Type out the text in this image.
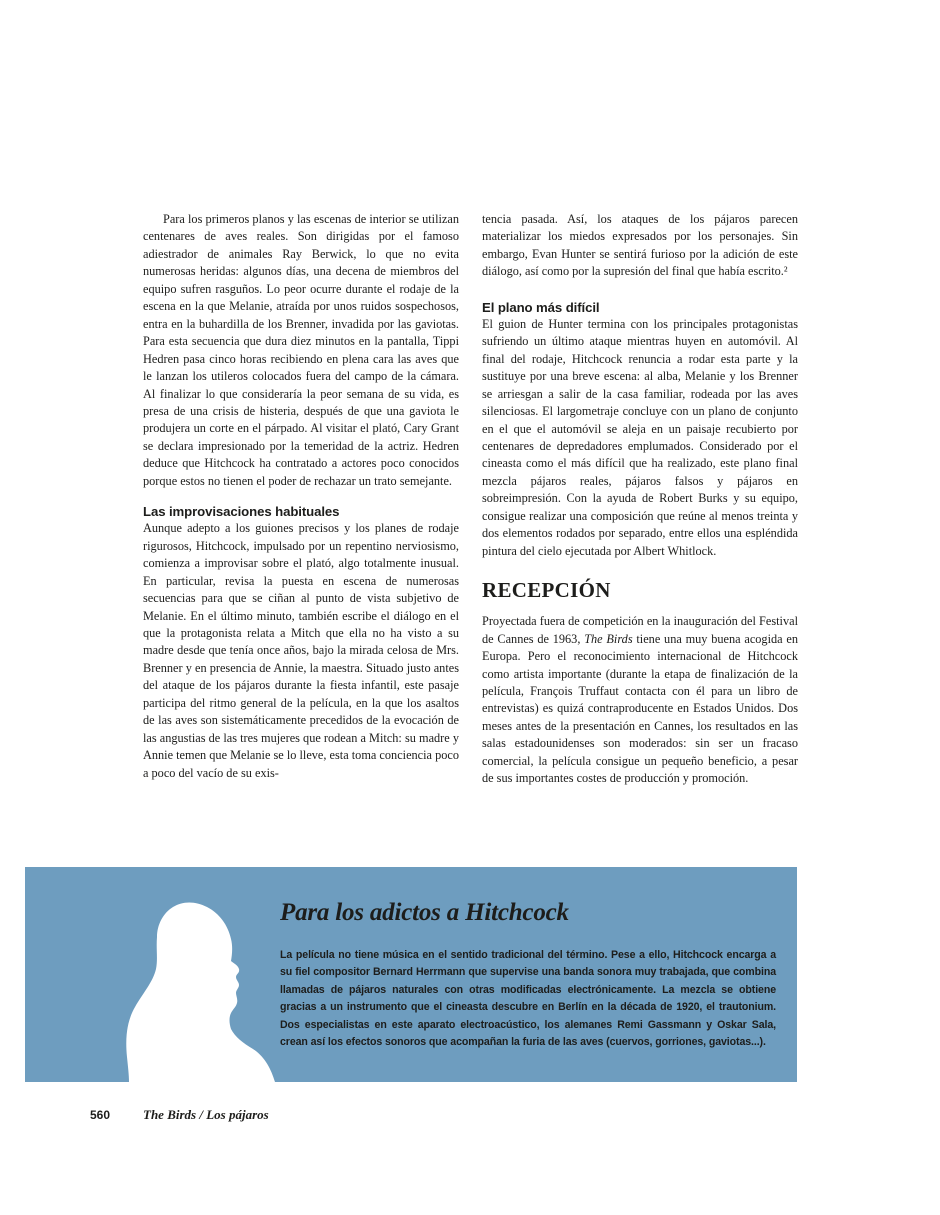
Para los primeros planos y las escenas de interior se utilizan centenares de aves reales. Son dirigidas por el famoso adiestrador de animales Ray Berwick, lo que no evita numerosas heridas: algunos días, una decena de miembros del equipo sufren rasguños. Lo peor ocurre durante el rodaje de la escena en la que Melanie, atraída por unos ruidos sospechosos, entra en la buhardilla de los Brenner, invadida por las gaviotas. Para esta secuencia que dura diez minutos en la pantalla, Tippi Hedren pasa cinco horas recibiendo en plena cara las aves que le lanzan los utileros colocados fuera del campo de la cámara. Al finalizar lo que consideraría la peor semana de su vida, es presa de una crisis de histeria, después de que una gaviota le produjera un corte en el párpado. Al visitar el plató, Cary Grant se declara impresionado por la temeridad de la actriz. Hedren deduce que Hitchcock ha contratado a actores poco conocidos porque estos no tienen el poder de rechazar un trato semejante.

Las improvisaciones habituales

Aunque adepto a los guiones precisos y los planes de rodaje rigurosos, Hitchcock, impulsado por un repentino nerviosismo, comienza a improvisar sobre el plató, algo totalmente inusual. En particular, revisa la puesta en escena de numerosas secuencias para que se ciñan al punto de vista subjetivo de Melanie. En el último minuto, también escribe el diálogo en el que la protagonista relata a Mitch que ella no ha visto a su madre desde que tenía once años, bajo la mirada celosa de Mrs. Brenner y en presencia de Annie, la maestra. Situado justo antes del ataque de los pájaros durante la fiesta infantil, este pasaje participa del ritmo general de la película, en la que los asaltos de las aves son sistemáticamente precedidos de la evocación de las angustias de las tres mujeres que rodean a Mitch: su madre y Annie temen que Melanie se lo lleve, esta toma conciencia poco a poco del vacío de su exis-

tencia pasada. Así, los ataques de los pájaros parecen materializar los miedos expresados por los personajes. Sin embargo, Evan Hunter se sentirá furioso por la adición de este diálogo, así como por la supresión del final que había escrito.²

El plano más difícil

El guion de Hunter termina con los principales protagonistas sufriendo un último ataque mientras huyen en automóvil. Al final del rodaje, Hitchcock renuncia a rodar esta parte y la sustituye por una breve escena: al alba, Melanie y los Brenner se arriesgan a salir de la casa familiar, rodeada por las aves silenciosas. El largometraje concluye con un plano de conjunto en el que el automóvil se aleja en un paisaje recubierto por centenares de depredadores emplumados. Considerado por el cineasta como el más difícil que ha realizado, este plano final mezcla pájaros reales, pájaros falsos y pájaros en sobreimpresión. Con la ayuda de Robert Burks y su equipo, consigue realizar una composición que reúne al menos treinta y dos elementos rodados por separado, entre ellos una espléndida pintura del cielo ejecutada por Albert Whitlock.

RECEPCIÓN

Proyectada fuera de competición en la inauguración del Festival de Cannes de 1963, The Birds tiene una muy buena acogida en Europa. Pero el reconocimiento internacional de Hitchcock como artista importante (durante la etapa de finalización de la película, François Truffaut contacta con él para un libro de entrevistas) es quizá contraproducente en Estados Unidos. Dos meses antes de la presentación en Cannes, los resultados en las salas estadounidenses son moderados: sin ser un fracaso comercial, la película consigue un pequeño beneficio, a pesar de sus importantes costes de producción y promoción.

Para los adictos a Hitchcock

La película no tiene música en el sentido tradicional del término. Pese a ello, Hitchcock encarga a su fiel compositor Bernard Herrmann que supervise una banda sonora muy trabajada, que combina llamadas de pájaros naturales con otras modificadas electrónicamente. La mezcla se obtiene gracias a un instrumento que el cineasta descubre en Berlín en la década de 1920, el trautonium. Dos especialistas en este aparato electroacústico, los alemanes Remi Gassmann y Oskar Sala, crean así los efectos sonoros que acompañan la furia de las aves (cuervos, gorriones, gaviotas...).

560	The Birds / Los pájaros
